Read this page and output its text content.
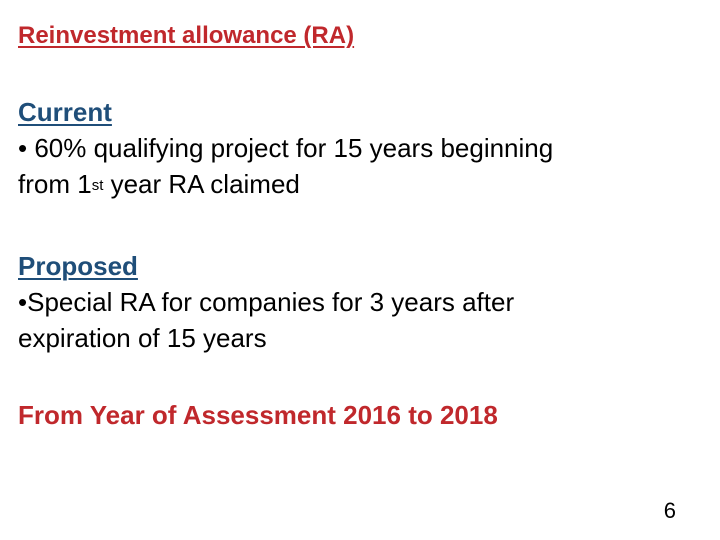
Reinvestment allowance (RA)
Current
• 60% qualifying project for 15 years beginning
from 1st year RA claimed
Proposed
•Special RA for companies for 3 years after
expiration of 15 years
From Year of Assessment 2016 to 2018
6
